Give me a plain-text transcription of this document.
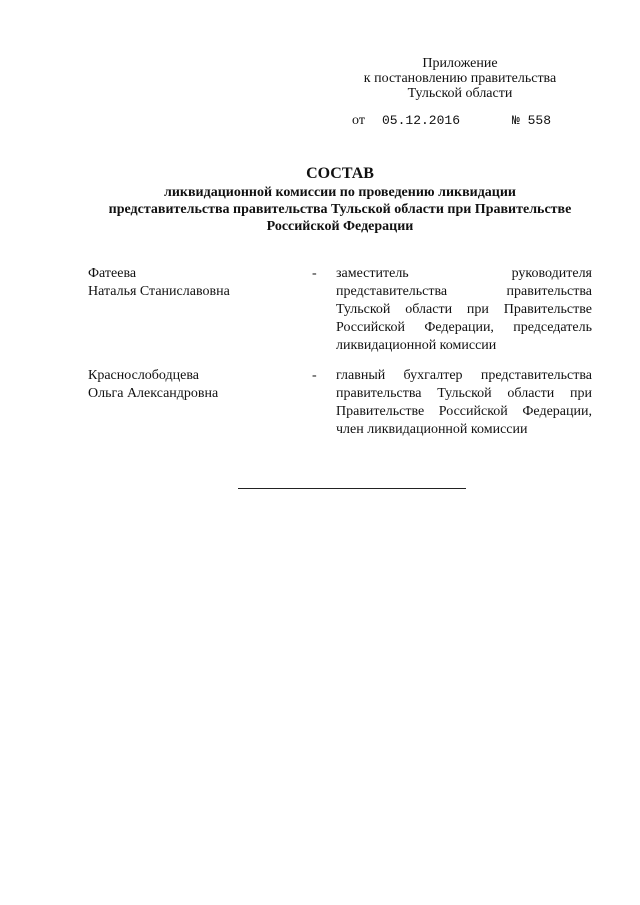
Приложение
к постановлению правительства
Тульской области
от 05.12.2016	№ 558
СОСТАВ
ликвидационной комиссии по проведению ликвидации
представительства правительства Тульской области при Правительстве
Российской Федерации
Фатеева
Наталья Станиславовна
- заместитель руководителя представительства правительства Тульской области при Правительстве Российской Федерации, председатель ликвидационной комиссии
Краснослободцева
Ольга Александровна
- главный бухгалтер представительства правительства Тульской области при Правительстве Российской Федерации, член ликвидационной комиссии
